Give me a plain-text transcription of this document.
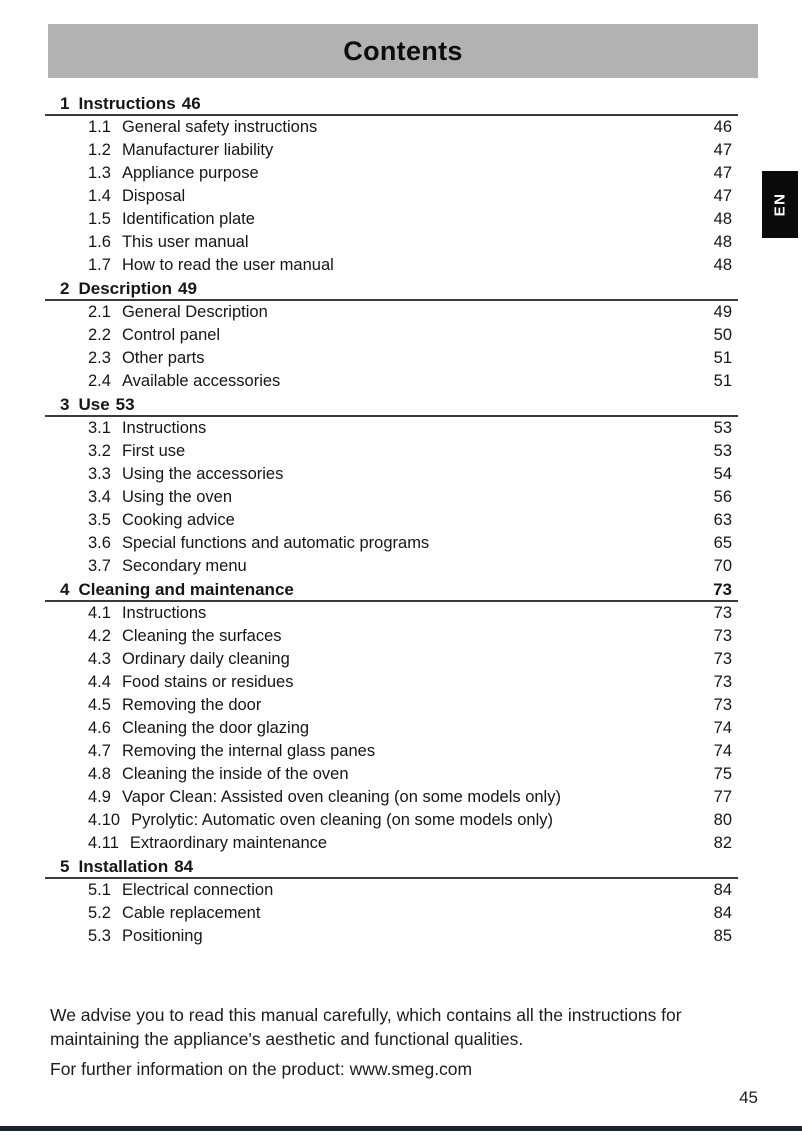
Contents
EN
1 Instructions 46
1.1 General safety instructions	46
1.2 Manufacturer liability	47
1.3 Appliance purpose	47
1.4 Disposal	47
1.5 Identification plate	48
1.6 This user manual	48
1.7 How to read the user manual	48
2 Description 49
2.1 General Description	49
2.2 Control panel	50
2.3 Other parts	51
2.4 Available accessories	51
3 Use 53
3.1 Instructions	53
3.2 First use	53
3.3 Using the accessories	54
3.4 Using the oven	56
3.5 Cooking advice	63
3.6 Special functions and automatic programs	65
3.7 Secondary menu	70
4 Cleaning and maintenance	73
4.1 Instructions	73
4.2 Cleaning the surfaces	73
4.3 Ordinary daily cleaning	73
4.4 Food stains or residues	73
4.5 Removing the door	73
4.6 Cleaning the door glazing	74
4.7 Removing the internal glass panes	74
4.8 Cleaning the inside of the oven	75
4.9 Vapor Clean: Assisted oven cleaning (on some models only)	77
4.10 Pyrolytic: Automatic oven cleaning (on some models only)	80
4.11 Extraordinary maintenance	82
5 Installation 84
5.1 Electrical connection	84
5.2 Cable replacement	84
5.3 Positioning	85

We advise you to read this manual carefully, which contains all the instructions for

maintaining the appliance's aesthetic and functional qualities.

For further information on the product: www.smeg.com

45
